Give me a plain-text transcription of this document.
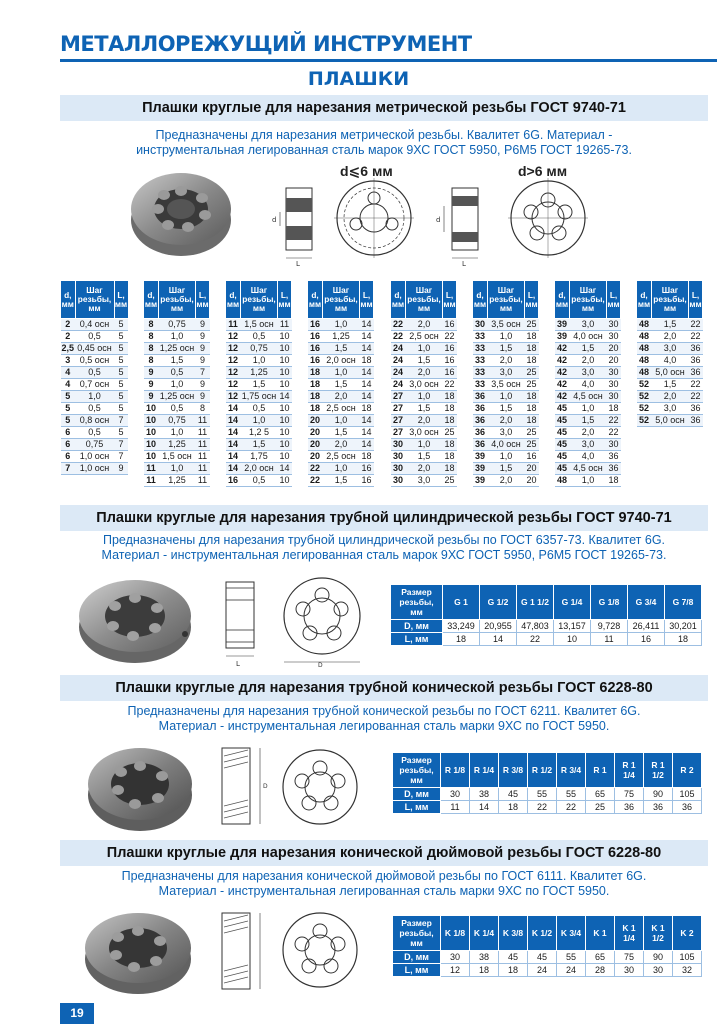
МЕТАЛЛОРЕЖУЩИЙ ИНСТРУМЕНТ
ПЛАШКИ
Плашки круглые для нарезания метрической резьбы ГОСТ 9740-71
Предназначены для нарезания метрической резьбы. Квалитет 6G. Материал -
инструментальная легированная сталь марок 9ХС ГОСТ 5950, Р6М5 ГОСТ 19265-73.
d⩽6 мм	d>6 мм
d
L
d
L
d, мм	Шаг резьбы, мм	L, мм
2	0,4 осн	5
2	0,5	5
2,5	0,45 осн	5
3	0,5 осн	5
4	0,5	5
4	0,7 осн	5
5	1,0	5
5	0,5	5
5	0,8 осн	7
6	0,5	5
6	0,75	7
6	1,0 осн	7
7	1,0 осн	9
d, мм	Шаг резьбы, мм	L, мм
8	0,75	9
8	1,0	9
8	1,25 осн	9
8	1,5	9
9	0,5	7
9	1,0	9
9	1,25 осн	9
10	0,5	8
10	0,75	11
10	1,0	11
10	1,25	11
10	1,5 осн	11
11	1,0	11
11	1,25	11
d, мм	Шаг резьбы, мм	L, мм
11	1,5 осн	11
12	0,5	10
12	0,75	10
12	1,0	10
12	1,25	10
12	1,5	10
12	1,75 осн	14
14	0,5	10
14	1,0	10
14	1,2 5	10
14	1,5	10
14	1,75	10
14	2,0 осн	14
16	0,5	10
d, мм	Шаг резьбы, мм	L, мм
16	1,0	14
16	1,25	14
16	1,5	14
16	2,0 осн	18
18	1,0	14
18	1,5	14
18	2,0	14
18	2,5 осн	18
20	1,0	14
20	1,5	14
20	2,0	14
20	2,5 осн	18
22	1,0	16
22	1,5	16
d, мм	Шаг резьбы, мм	L, мм
22	2,0	16
22	2,5 осн	22
24	1,0	16
24	1,5	16
24	2,0	16
24	3,0 осн	22
27	1,0	18
27	1,5	18
27	2,0	18
27	3,0 осн	25
30	1,0	18
30	1,5	18
30	2,0	18
30	3,0	25
d, мм	Шаг резьбы, мм	L, мм
30	3,5 осн	25
33	1,0	18
33	1,5	18
33	2,0	18
33	3,0	25
33	3,5 осн	25
36	1,0	18
36	1,5	18
36	2,0	18
36	3,0	25
36	4,0 осн	25
39	1,0	16
39	1,5	20
39	2,0	20
d, мм	Шаг резьбы, мм	L, мм
39	3,0	30
39	4,0 осн	30
42	1,5	20
42	2,0	20
42	3,0	30
42	4,0	30
42	4,5 осн	30
45	1,0	18
45	1,5	22
45	2,0	22
45	3,0	30
45	4,0	36
45	4,5 осн	36
48	1,0	18
d, мм	Шаг резьбы, мм	L, мм
48	1,5	22
48	2,0	22
48	3,0	36
48	4,0	36
48	5,0 осн	36
52	1,5	22
52	2,0	22
52	3,0	36
52	5,0 осн	36
Плашки круглые для нарезания трубной цилиндрической резьбы ГОСТ 9740-71
Предназначены для нарезания трубной цилиндрической резьбы по ГОСТ 6357-73. Квалитет 6G.
Материал - инструментальная легированная сталь марок 9ХС ГОСТ 5950, Р6М5 ГОСТ 19265-73.
L	D
Размер резьбы, мм	G 1	G 1/2	G 1 1/2	G 1/4	G 1/8	G 3/4	G 7/8
D, мм	33,249	20,955	47,803	13,157	9,728	26,411	30,201
L, мм	18	14	22	10	11	16	18
Плашки круглые для нарезания трубной конической резьбы ГОСТ 6228-80
Предназначены для нарезания трубной конической резьбы по ГОСТ 6211. Квалитет 6G.
Материал - инструментальная легированная сталь марки 9ХС по ГОСТ 5950.
D
Размер резьбы, мм	R 1/8	R 1/4	R 3/8	R 1/2	R 3/4	R 1	R 1 1/4	R 1 1/2	R 2
D, мм	30	38	45	55	55	65	75	90	105
L, мм	11	14	18	22	22	25	36	36	36
Плашки круглые для нарезания конической дюймовой резьбы ГОСТ 6228-80
Предназначены для нарезания конической дюймовой резьбы по ГОСТ 6111. Квалитет 6G.
Материал - инструментальная легированная сталь марки 9ХС по ГОСТ 5950.
Размер резьбы, мм	K 1/8	K 1/4	K 3/8	K 1/2	K 3/4	K 1	K 1 1/4	K 1 1/2	K 2
D, мм	30	38	45	45	55	65	75	90	105
L, мм	12	18	18	24	24	28	30	30	32
19
